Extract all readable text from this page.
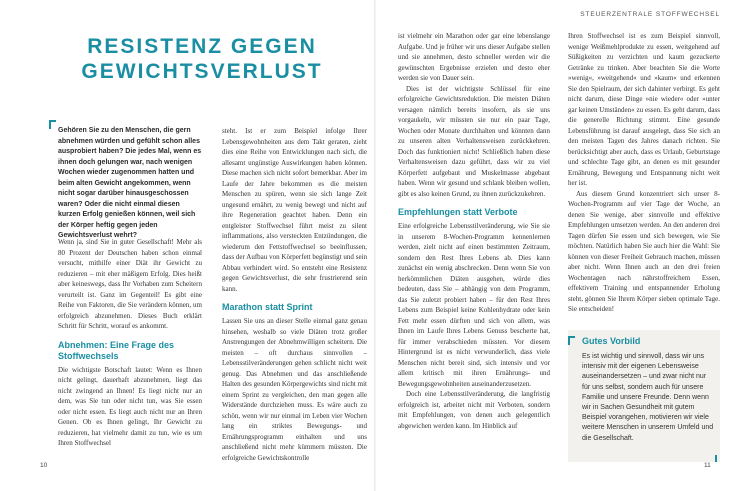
STEUERZENTRALE STOFFWECHSEL
RESISTENZ GEGEN
GEWICHTSVERLUST

Gehören Sie zu den Menschen, die gern abnehmen würden und gefühlt schon alles ausprobiert haben? Die jedes Mal, wenn es ihnen doch gelungen war, nach wenigen Wochen wieder zugenommen hatten und beim alten Gewicht angekommen, wenn nicht sogar darüber hinausgeschossen waren? Oder die nicht einmal diesen kurzen Erfolg genießen können, weil sich der Körper heftig gegen jeden Gewichtsverlust wehrt?

Wenn ja, sind Sie in guter Gesellschaft! Mehr als 80 Prozent der Deutschen haben schon einmal versucht, mithilfe einer Diät ihr Gewicht zu reduzieren – mit eher mäßigem Erfolg. Dies heißt aber keineswegs, dass Ihr Vorhaben zum Scheitern verurteilt ist. Ganz im Gegenteil! Es gibt eine Reihe von Faktoren, die Sie verändern können, um erfolgreich abzunehmen. Dieses Buch erklärt Schritt für Schritt, worauf es ankommt.

Abnehmen: Eine Frage des Stoffwechsels

Die wichtigste Botschaft lautet: Wenn es Ihnen nicht gelingt, dauerhaft abzunehmen, liegt das nicht zwingend an Ihnen! Es liegt nicht nur an dem, was Sie tun oder nicht tun, was Sie essen oder nicht essen. Es liegt auch nicht nur an Ihren Genen. Ob es Ihnen gelingt, Ihr Gewicht zu reduzieren, hat vielmehr damit zu tun, wie es um Ihren Stoffwechsel

steht. Ist er zum Beispiel infolge Ihrer Lebensgewohnheiten aus dem Takt geraten, zieht dies eine Reihe von Entwicklungen nach sich, die allesamt ungünstige Auswirkungen haben können. Diese machen sich nicht sofort bemerkbar. Aber im Laufe der Jahre bekommen es die meisten Menschen zu spüren, wenn sie sich lange Zeit ungesund ernährt, zu wenig bewegt und nicht auf ihre Regeneration geachtet haben. Denn ein entgleister Stoffwechsel führt meist zu silent inflammations, also versteckten Entzündungen, die wiederum den Fettstoffwechsel so beeinflussen, dass der Aufbau von Körperfett begünstigt und sein Abbau verhindert wird. So entsteht eine Resistenz gegen Gewichtsverlust, die sehr frustrierend sein kann.

Marathon statt Sprint

Lassen Sie uns an dieser Stelle einmal ganz genau hinsehen, weshalb so viele Diäten trotz großer Anstrengungen der Abnehmwilligen scheitern. Die meisten – oft durchaus sinnvollen – Lebensstilveränderungen gehen schlicht nicht weit genug. Das Abnehmen und das anschließende Halten des gesunden Körpergewichts sind nicht mit einem Sprint zu vergleichen, den man gegen alle Widerstände durchziehen muss. Es wäre auch zu schön, wenn wir nur einmal im Leben vier Wochen lang ein striktes Bewegungs- und Ernährungsprogramm einhalten und uns anschließend nicht mehr kümmern müssten. Die erfolgreiche Gewichtskontrolle

ist vielmehr ein Marathon oder gar eine lebenslange Aufgabe. Und je früher wir uns dieser Aufgabe stellen und sie annehmen, desto schneller werden wir die gewünschten Ergebnisse erzielen und desto eher werden sie von Dauer sein.

Dies ist der wichtigste Schlüssel für eine erfolgreiche Gewichtsreduktion. Die meisten Diäten versagen nämlich bereits insofern, als sie uns vorgaukeln, wir müssten sie nur ein paar Tage, Wochen oder Monate durchhalten und könnten dann zu unseren alten Verhaltensweisen zurückkehren. Doch das funktioniert nicht! Schließlich haben diese Verhaltensweisen dazu geführt, dass wir zu viel Körperfett aufgebaut und Muskelmasse abgebaut haben. Wenn wir gesund und schlank bleiben wollen, gibt es also keinen Grund, zu ihnen zurückzukehren.

Empfehlungen statt Verbote

Eine erfolgreiche Lebensstilveränderung, wie Sie sie in unserem 8-Wochen-Programm kennenlernen werden, zielt nicht auf einen bestimmten Zeitraum, sondern den Rest Ihres Lebens ab. Dies kann zunächst ein wenig abschrecken. Denn wenn Sie von herkömmlichen Diäten ausgehen, würde dies bedeuten, dass Sie – abhängig von dem Programm, das Sie zuletzt probiert haben – für den Rest Ihres Lebens zum Beispiel keine Kohlenhydrate oder kein Fett mehr essen dürften und sich von allem, was Ihnen im Laufe Ihres Lebens Genuss bescherte hat, für immer verabschieden müssten. Vor diesem Hintergrund ist es nicht verwunderlich, dass viele Menschen nicht bereit sind, sich intensiv und vor allem kritisch mit ihren Ernährungs- und Bewegungsgewohnheiten auseinanderzusetzen.

Doch eine Lebensstilveränderung, die langfristig erfolgreich ist, arbeitet nicht mit Verboten, sondern mit Empfehlungen, von denen auch gelegentlich abgewichen werden kann. Im Hinblick auf

Ihren Stoffwechsel ist es zum Beispiel sinnvoll, wenige Weißmehlprodukte zu essen, weitgehend auf Süßigkeiten zu verzichten und kaum gezuckerte Getränke zu trinken. Aber beachten Sie die Worte »wenig«, »weitgehend« und »kaum« und erkennen Sie den Spielraum, der sich dahinter verbirgt. Es geht nicht darum, diese Dinge »nie wieder« oder »unter gar keinen Umständen« zu essen. Es geht darum, dass die generelle Richtung stimmt. Eine gesunde Lebensführung ist darauf ausgelegt, dass Sie sich an den meisten Tagen des Jahres danach richten. Sie berücksichtigt aber auch, dass es Urlaub, Geburtstage und schlechte Tage gibt, an denen es mit gesunder Ernährung, Bewegung und Entspannung nicht weit her ist.

Aus diesem Grund konzentriert sich unser 8-Wochen-Programm auf vier Tage der Woche, an denen Sie wenige, aber sinnvolle und effektive Empfehlungen umsetzen werden. An den anderen drei Tagen dürfen Sie essen und sich bewegen, wie Sie möchten. Natürlich haben Sie auch hier die Wahl: Sie können von dieser Freiheit Gebrauch machen, müssen aber nicht. Wenn Ihnen auch an den drei freien Wochentagen nach nährstoffreichem Essen, effektivem Training und entspannender Erholung steht, gönnen Sie Ihrem Körper sieben optimale Tage. Sie entscheiden!

Gutes Vorbild

Es ist wichtig und sinnvoll, dass wir uns intensiv mit der eigenen Lebensweise auseinandersetzen – und zwar nicht nur für uns selbst, sondern auch für unsere Familie und unsere Freunde. Denn wenn wir in Sachen Gesundheit mit gutem Beispiel vorangehen, motivieren wir viele weitere Menschen in unserem Umfeld und die Gesellschaft.

10	11
